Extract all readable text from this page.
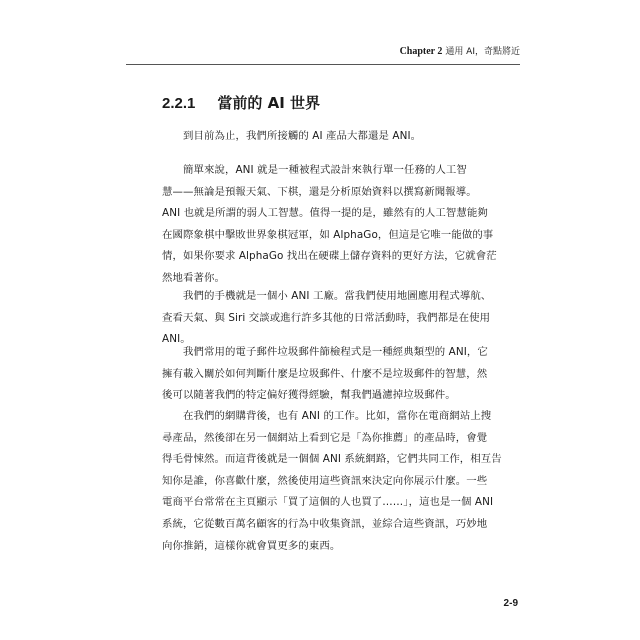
Chapter 2 通用 AI，奇點將近
2.2.1 當前的 AI 世界
到目前為止，我們所接觸的 AI 產品大都還是 ANI。
簡單來說，ANI 就是一種被程式設計來執行單一任務的人工智
慧——無論是預報天氣、下棋，還是分析原始資料以撰寫新聞報導。
ANI 也就是所謂的弱人工智慧。值得一提的是，雖然有的人工智慧能夠
在國際象棋中擊敗世界象棋冠軍，如 AlphaGo，但這是它唯一能做的事
情，如果你要求 AlphaGo 找出在硬碟上儲存資料的更好方法，它就會茫
然地看著你。
我們的手機就是一個小 ANI 工廠。當我們使用地圖應用程式導航、
查看天氣、與 Siri 交談或進行許多其他的日常活動時，我們都是在使用
ANI。
我們常用的電子郵件垃圾郵件篩檢程式是一種經典類型的 ANI，它
擁有載入關於如何判斷什麼是垃圾郵件、什麼不是垃圾郵件的智慧，然
後可以隨著我們的特定偏好獲得經驗，幫我們過濾掉垃圾郵件。
在我們的網購背後，也有 ANI 的工作。比如，當你在電商網站上搜
尋產品，然後卻在另一個網站上看到它是「為你推薦」的產品時，會覺
得毛骨悚然。而這背後就是一個個 ANI 系統網路，它們共同工作，相互告
知你是誰，你喜歡什麼，然後使用這些資訊來決定向你展示什麼。一些
電商平台常常在主頁顯示「買了這個的人也買了……」，這也是一個 ANI
系統，它從數百萬名顧客的行為中收集資訊，並綜合這些資訊，巧妙地
向你推銷，這樣你就會買更多的東西。
2-9
